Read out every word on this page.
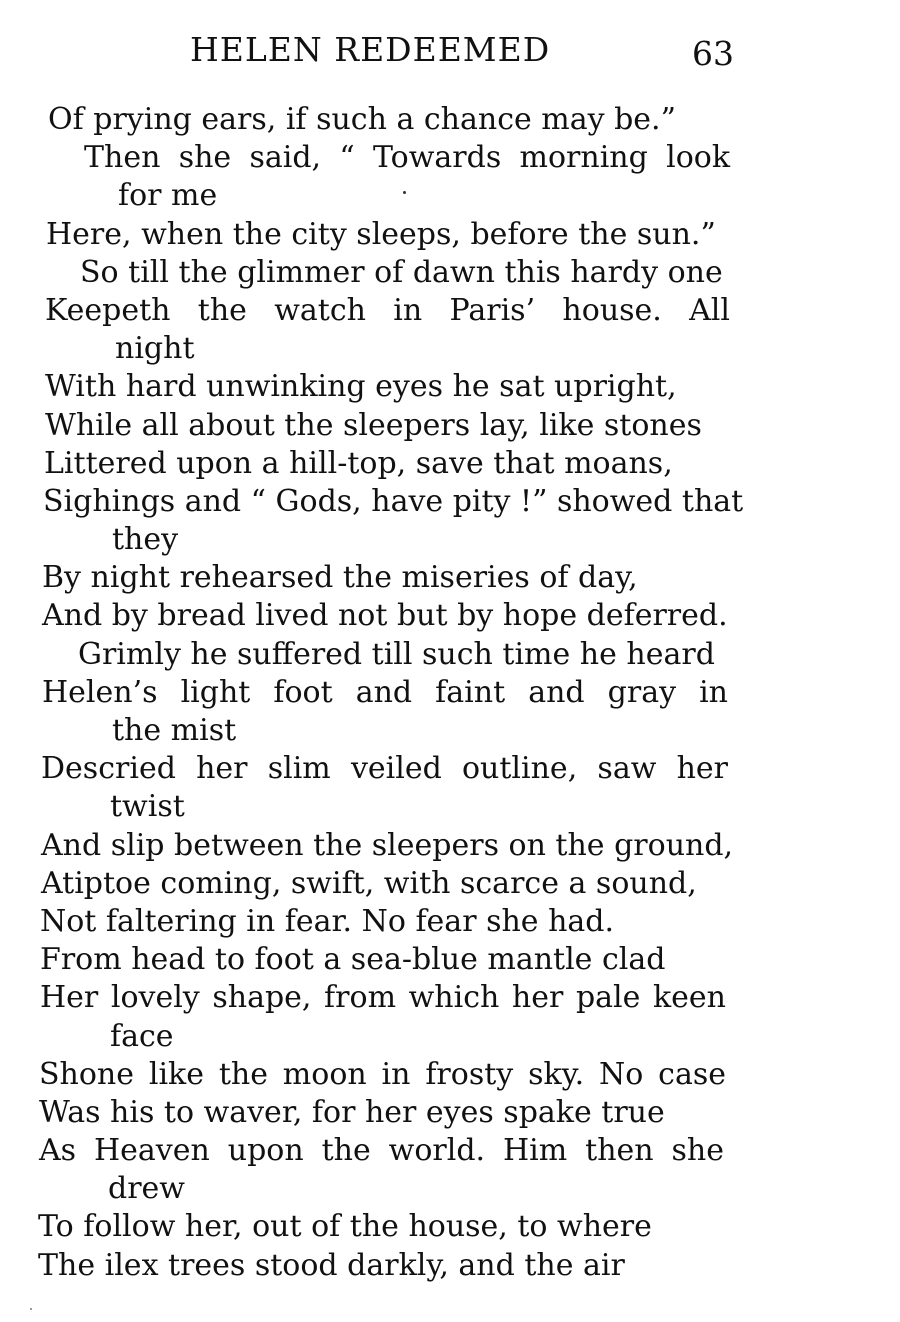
HELEN REDEEMED	63
Of prying ears, if such a chance may be.”
Then she said, “ Towards morning look
for me
Here, when the city sleeps, before the sun.”
So till the glimmer of dawn this hardy one
Keepeth the watch in Paris’ house. All
night
With hard unwinking eyes he sat upright,
While all about the sleepers lay, like stones
Littered upon a hill-top, save that moans,
Sighings and “ Gods, have pity !” showed that
they
By night rehearsed the miseries of day,
And by bread lived not but by hope deferred.
Grimly he suffered till such time he heard
Helen’s light foot and faint and gray in
the mist
Descried her slim veiled outline, saw her
twist
And slip between the sleepers on the ground,
Atiptoe coming, swift, with scarce a sound,
Not faltering in fear. No fear she had.
From head to foot a sea-blue mantle clad
Her lovely shape, from which her pale keen
face
Shone like the moon in frosty sky. No case
Was his to waver, for her eyes spake true
As Heaven upon the world. Him then she
drew
To follow her, out of the house, to where
The ilex trees stood darkly, and the air
